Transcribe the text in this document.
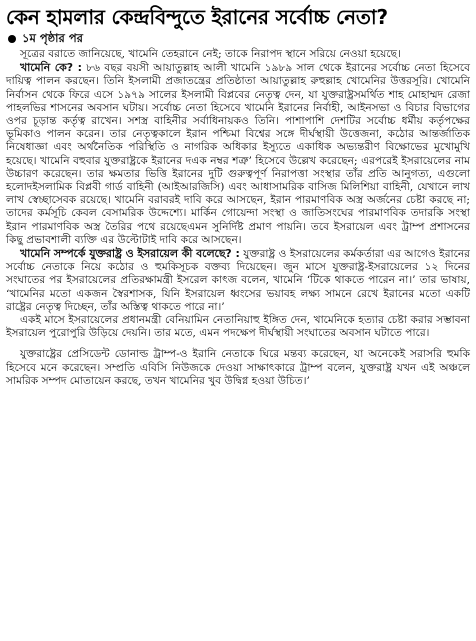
কেন হামলার কেন্দ্রবিন্দুতে ইরানের সর্বোচ্চ নেতা?
১ম পৃষ্ঠার পর

সূত্রের বরাতে জানিয়েছে, খামেনি তেহরানে নেই; তাকে নিরাপদ স্থানে সরিয়ে নেওয়া হয়েছে।

খামেনি কে? : ৮৬ বছর বয়সী আয়াতুল্লাহ আলী খামেনি ১৯৮৯ সাল থেকে ইরানের সর্বোচ্চ নেতা হিসেবে দায়িত্ব পালন করছেন। তিনি ইসলামী প্রজাতন্ত্রের প্রতিষ্ঠাতা আয়াতুল্লাহ রুহুল্লাহ খোমেনির উত্তরসূরি। খোমেনি নির্বাসন থেকে ফিরে এসে ১৯৭৯ সালের ইসলামী বিপ্লবের নেতৃত্ব দেন, যা যুক্তরাষ্ট্রসমর্থিত শাহ মোহাম্মদ রেজা পাহলভির শাসনের অবসান ঘটায়। সর্বোচ্চ নেতা হিসেবে খামেনি ইরানের নির্বাহী, আইনসভা ও বিচার বিভাগের ওপর চূড়ান্ত কর্তৃত্ব রাখেন। সশস্ত্র বাহিনীর সর্বাধিনায়কও তিনি। পাশাপাশি দেশটির সর্বোচ্চ ধর্মীয় কর্তৃপক্ষের ভূমিকাও পালন করেন। তার নেতৃত্বকালে ইরান পশ্চিমা বিশ্বের সঙ্গে দীর্ঘস্থায়ী উত্তেজনা, কঠোর আন্তর্জাতিক নিষেধাজ্ঞা এবং অর্থনৈতিক পরিস্থিতি ও নাগরিক অধিকার ইস্যুতে একাধিক অভ্যন্তরীণ বিক্ষোভের মুখোমুখি হয়েছে। খামেনি বহুবার যুক্তরাষ্ট্রকে ইরানের দএক নম্বর শত্রু’ হিসেবে উল্লেখ করেছেন; এরপরেই ইসরায়েলের নাম উচ্চারণ করেছেন। তার ক্ষমতার ভিত্তি ইরানের দুটি গুরুত্বপূর্ণ নিরাপত্তা সংস্থার তাঁর প্রতি আনুগত্য, এগুলো হলোদইসলামিক বিপ্লবী গার্ড বাহিনী (আইআরজিসি) এবং আধাসামরিক বাসিজ মিলিশিয়া বাহিনী, যেখানে লাখ লাখ স্বেচ্ছাসেবক রয়েছে। খামেনি বরাবরই দাবি করে আসছেন, ইরান পারমাণবিক অস্ত্র অর্জনের চেষ্টা করছে না; তাদের কর্মসূচি কেবল বেসামরিক উদ্দেশ্যে। মার্কিন গোয়েন্দা সংস্থা ও জাতিসংঘের পারমাণবিক তদারকি সংস্থা ইরান পারমাণবিক অস্ত্র তৈরির পথে রয়েছেএমন সুনির্দিষ্ট প্রমাণ পায়নি। তবে ইসরায়েল এবং ট্রাম্প প্রশাসনের কিছু প্রভাবশালী ব্যক্তি এর উল্টোটাই দাবি করে আসছেন।

খামেনি সম্পর্কে যুক্তরাষ্ট্র ও ইসরায়েল কী বলেছে? : যুক্তরাষ্ট্র ও ইসরায়েলের কর্মকর্তারা এর আগেও ইরানের সর্বোচ্চ নেতাকে নিয়ে কঠোর ও হুমকিসূচক বক্তব্য দিয়েছেন। জুন মাসে যুক্তরাষ্ট্র-ইসরায়েলের ১২ দিনের সংঘাতের পর ইসরায়েলের প্রতিরক্ষামন্ত্রী ইসরেল কাৎজ বলেন, খামেনি ‘টিকে থাকতে পারেন না।’ তার ভাষায়, ‘খামেনির মতো একজন স্বৈরশাসক, যিনি ইসরায়েল ধ্বংসের ভয়াবহ লক্ষ্য সামনে রেখে ইরানের মতো একটি রাষ্ট্রের নেতৃত্ব দিচ্ছেন, তাঁর অস্তিত্ব থাকতে পারে না।’

একই মাসে ইসরায়েলের প্রধানমন্ত্রী বেনিয়ামিন নেতানিয়াহু ইঙ্গিত দেন, খামেনিকে হত্যার চেষ্টা করার সম্ভাবনা ইসরায়েল পুরোপুরি উড়িয়ে দেয়নি। তার মতে, এমন পদক্ষেপ দীর্ঘস্থায়ী সংঘাতের অবসান ঘটাতে পারে।

যুক্তরাষ্ট্রের প্রেসিডেন্ট ডোনাল্ড ট্রাম্প-ও ইরানি নেতাকে ঘিরে মন্তব্য করেছেন, যা অনেকেই সরাসরি হুমকি হিসেবে মনে করেছেন। সম্প্রতি এবিসি নিউজকে দেওয়া সাক্ষাৎকারে ট্রাম্প বলেন, যুক্তরাষ্ট্র যখন এই অঞ্চলে সামরিক সম্পদ মোতায়েন করছে, তখন খামেনির খুব উদ্বিগ্ন হওয়া উচিত।’
